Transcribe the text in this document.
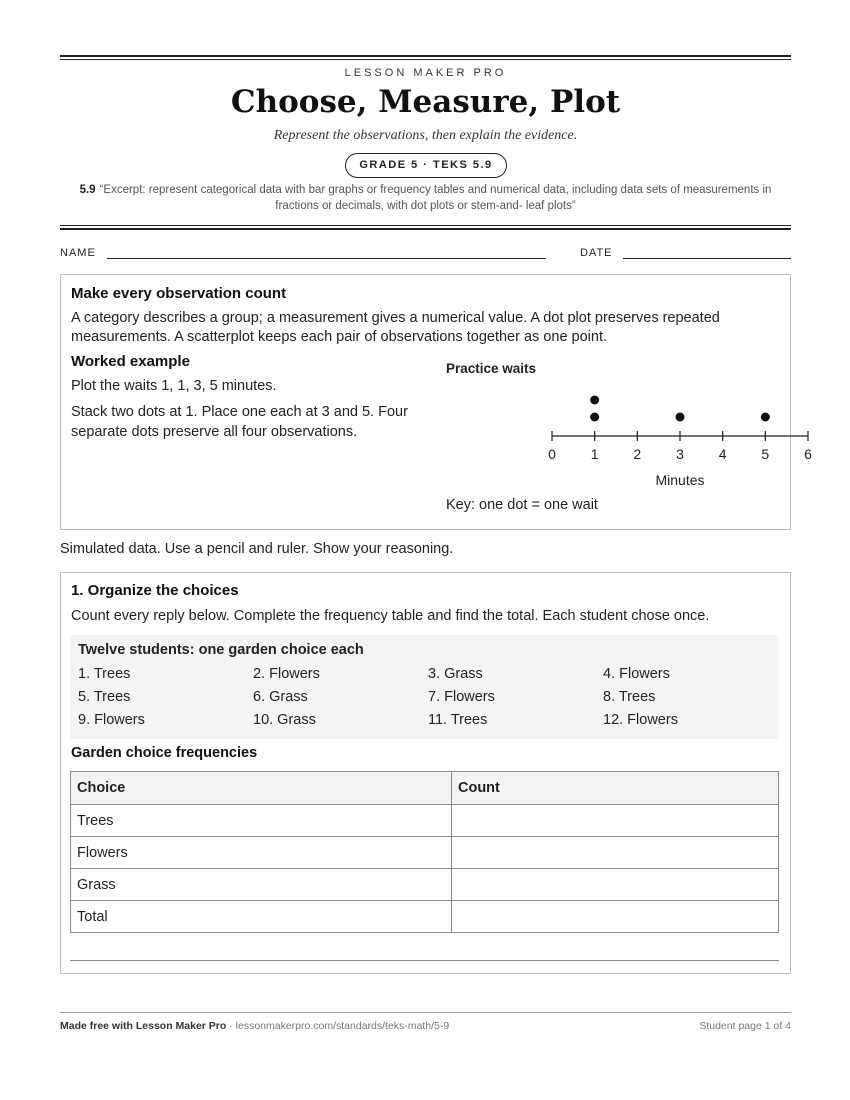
LESSON MAKER PRO
Choose, Measure, Plot
Represent the observations, then explain the evidence.
GRADE 5 · TEKS 5.9
5.9 “Excerpt: represent categorical data with bar graphs or frequency tables and numerical data, including data sets of measurements in fractions or decimals, with dot plots or stem-and- leaf plots”
NAME	DATE
Make every observation count
A category describes a group; a measurement gives a numerical value. A dot plot preserves repeated measurements. A scatterplot keeps each pair of observations together as one point.
Worked example
Plot the waits 1, 1, 3, 5 minutes.
Stack two dots at 1. Place one each at 3 and 5. Four separate dots preserve all four observations.
Practice waits
0 1 2 3 4 5 6
Minutes
Key: one dot = one wait
Simulated data. Use a pencil and ruler. Show your reasoning.
1. Organize the choices
Count every reply below. Complete the frequency table and find the total. Each student chose once.
Twelve students: one garden choice each
1. Trees	2. Flowers	3. Grass	4. Flowers
5. Trees	6. Grass	7. Flowers	8. Trees
9. Flowers	10. Grass	11. Trees	12. Flowers
Garden choice frequencies
Choice	Count
Trees	
Flowers	
Grass	
Total	
Made free with Lesson Maker Pro · lessonmakerpro.com/standards/teks-math/5-9	Student page 1 of 4
